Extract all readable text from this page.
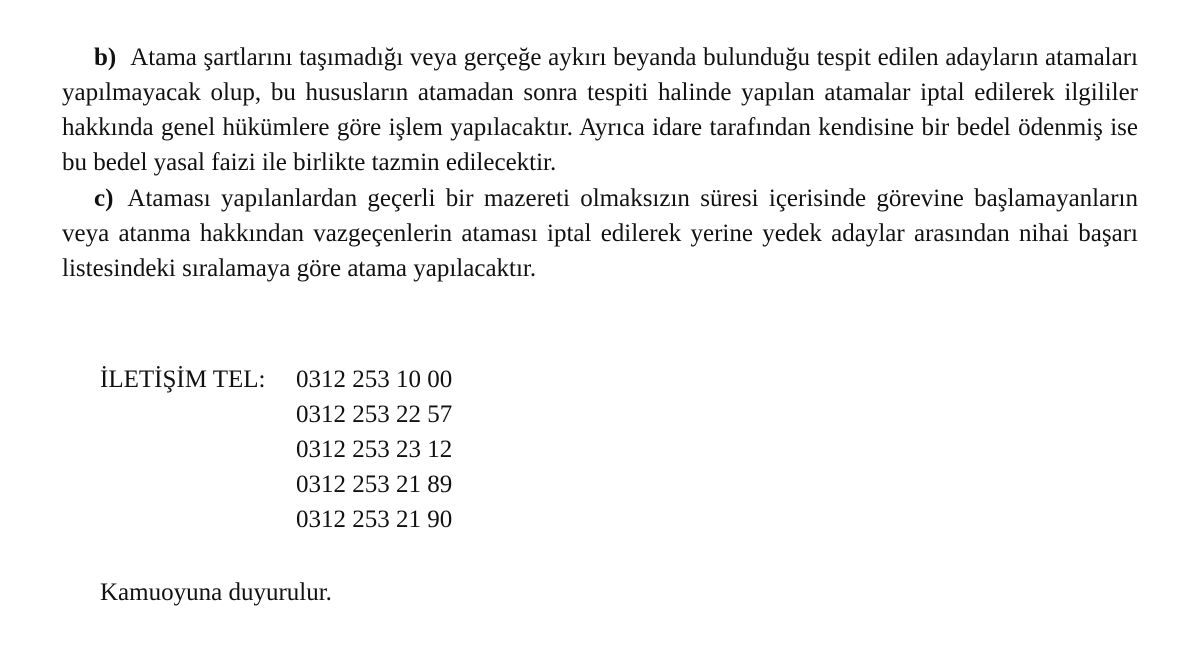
b) Atama şartlarını taşımadığı veya gerçeğe aykırı beyanda bulunduğu tespit edilen adayların atamaları yapılmayacak olup, bu hususların atamadan sonra tespiti halinde yapılan atamalar iptal edilerek ilgililer hakkında genel hükümlere göre işlem yapılacaktır. Ayrıca idare tarafından kendisine bir bedel ödenmiş ise bu bedel yasal faizi ile birlikte tazmin edilecektir.

c) Ataması yapılanlardan geçerli bir mazereti olmaksızın süresi içerisinde görevine başlamayanların veya atanma hakkından vazgeçenlerin ataması iptal edilerek yerine yedek adaylar arasından nihai başarı listesindeki sıralamaya göre atama yapılacaktır.

İLETİŞİM TEL:	0312 253 10 00
0312 253 22 57
0312 253 23 12
0312 253 21 89
0312 253 21 90
Kamuoyuna duyurulur.
